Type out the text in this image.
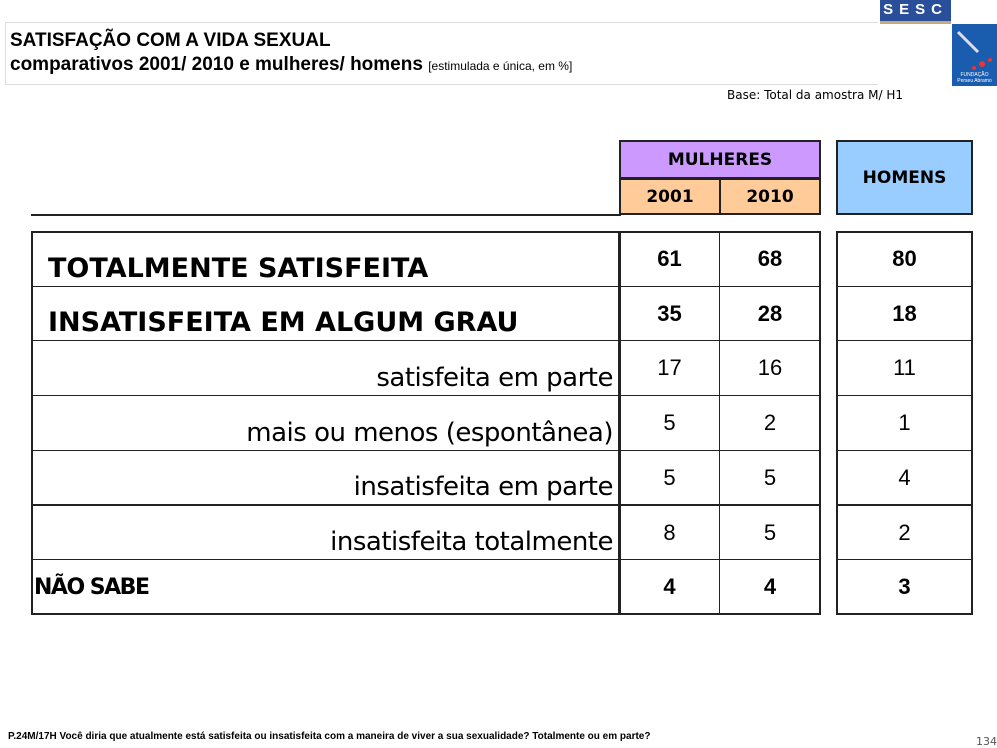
SATISFAÇÃO COM A VIDA SEXUAL
comparativos 2001/ 2010 e mulheres/ homens [estimulada e única, em %]
SESC
FUNDAÇÃO Perseu Abramo
Base: Total da amostra M/ H1
MULHERES
2001	2010
HOMENS
TOTALMENTE SATISFEITA	61	68	80
INSATISFEITA EM ALGUM GRAU	35	28	18
satisfeita em parte	17	16	11
mais ou menos (espontânea)	5	2	1
insatisfeita em parte	5	5	4
insatisfeita totalmente	8	5	2
NÃO SABE	4	4	3
P.24M/17H Você diria que atualmente está satisfeita ou insatisfeita com a maneira de viver a sua sexualidade? Totalmente ou em parte?	134
